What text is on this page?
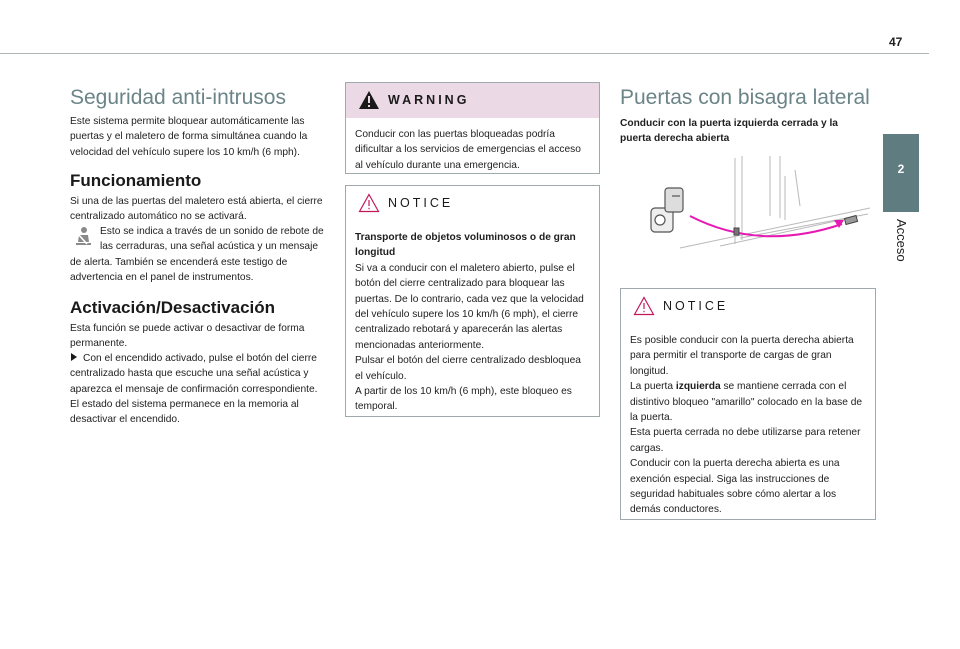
47
2
Acceso
Seguridad anti-intrusos

Este sistema permite bloquear automáticamente las puertas y el maletero de forma simultánea cuando la velocidad del vehículo supere los 10 km/h (6 mph).

Funcionamiento

Si una de las puertas del maletero está abierta, el cierre centralizado automático no se activará.

Esto se indica a través de un sonido de rebote de las cerraduras, una señal acústica y un mensaje de alerta. También se encenderá este testigo de advertencia en el panel de instrumentos.

Activación/Desactivación

Esta función se puede activar o desactivar de forma permanente.

Con el encendido activado, pulse el botón del cierre centralizado hasta que escuche una señal acústica y aparezca el mensaje de confirmación correspondiente.

El estado del sistema permanece en la memoria al desactivar el encendido.

WARNING

Conducir con las puertas bloqueadas podría dificultar a los servicios de emergencias el acceso al vehículo durante una emergencia.

NOTICE

Transporte de objetos voluminosos o de gran longitud

Si va a conducir con el maletero abierto, pulse el botón del cierre centralizado para bloquear las puertas. De lo contrario, cada vez que la velocidad del vehículo supere los 10 km/h (6 mph), el cierre centralizado rebotará y aparecerán las alertas mencionadas anteriormente.

Pulsar el botón del cierre centralizado desbloquea el vehículo.

A partir de los 10 km/h (6 mph), este bloqueo es temporal.

Puertas con bisagra lateral

Conducir con la puerta izquierda cerrada y la puerta derecha abierta

NOTICE

Es posible conducir con la puerta derecha abierta para permitir el transporte de cargas de gran longitud.

La puerta izquierda se mantiene cerrada con el distintivo bloqueo "amarillo" colocado en la base de la puerta.

Esta puerta cerrada no debe utilizarse para retener cargas.

Conducir con la puerta derecha abierta es una exención especial. Siga las instrucciones de seguridad habituales sobre cómo alertar a los demás conductores.
